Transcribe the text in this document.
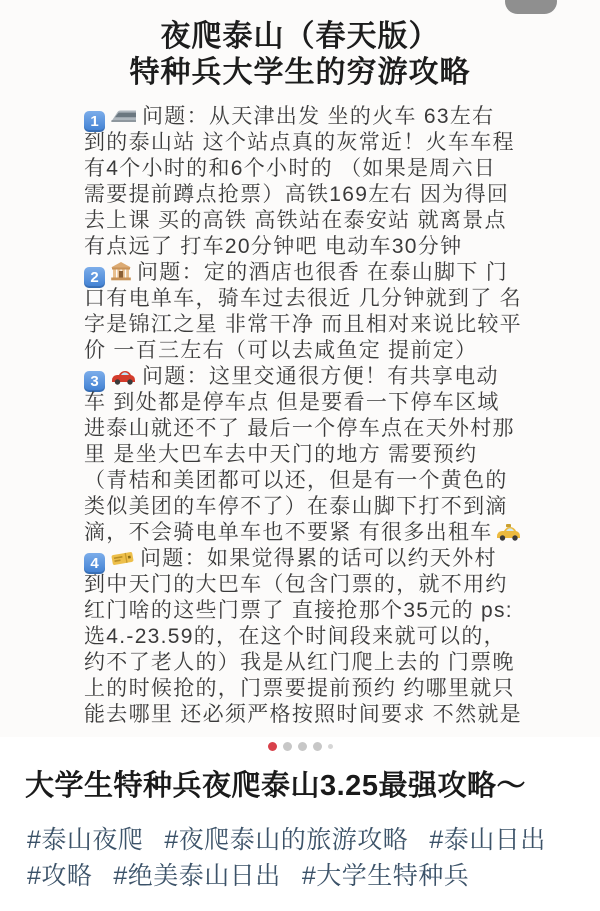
夜爬泰山（春天版）
特种兵大学生的穷游攻略
1 问题：从天津出发 坐的火车 63左右
到的泰山站 这个站点真的灰常近！火车车程
有4个小时的和6个小时的 （如果是周六日
需要提前蹲点抢票）高铁169左右 因为得回
去上课 买的高铁 高铁站在泰安站 就离景点
有点远了 打车20分钟吧 电动车30分钟
2 问题：定的酒店也很香 在泰山脚下 门
口有电单车，骑车过去很近 几分钟就到了 名
字是锦江之星 非常干净 而且相对来说比较平
价 一百三左右（可以去咸鱼定 提前定）
3 问题：这里交通很方便！有共享电动
车 到处都是停车点 但是要看一下停车区域
进泰山就还不了 最后一个停车点在天外村那
里 是坐大巴车去中天门的地方 需要预约
（青桔和美团都可以还，但是有一个黄色的
类似美团的车停不了）在泰山脚下打不到滴
滴，不会骑电单车也不要紧 有很多出租车
4 问题：如果觉得累的话可以约天外村
到中天门的大巴车（包含门票的，就不用约
红门啥的这些门票了 直接抢那个35元的 ps:
选4.-23.59的，在这个时间段来就可以的，
约不了老人的）我是从红门爬上去的 门票晚
上的时候抢的，门票要提前预约 约哪里就只
能去哪里 还必须严格按照时间要求 不然就是
大学生特种兵夜爬泰山3.25最强攻略～
#泰山夜爬 #夜爬泰山的旅游攻略 #泰山日出#攻略 #绝美泰山日出 #大学生特种兵
